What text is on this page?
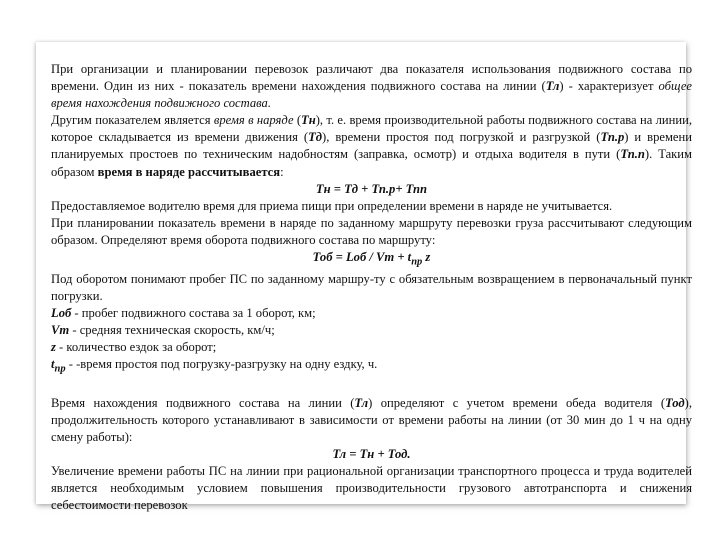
При организации и планировании перевозок различают два показателя использования подвижного состава по времени. Один из них - показатель времени нахождения подвижного состава на линии (Тл) - характеризует общее время нахождения подвижного состава.

Другим показателем является время в наряде (Тн), т. е. время производительной работы подвижного состава на линии, которое складывается из времени движения (Тд), времени простоя под погрузкой и разгрузкой (Тп.р) и времени планируемых простоев по техническим надобностям (заправка, осмотр) и отдыха водителя в пути (Тп.п). Таким образом время в наряде рассчитывается:

Тн = Тд + Тп.р+ Тпп

Предоставляемое водителю время для приема пищи при определении времени в наряде не учитывается.

При планировании показатель времени в наряде по заданному маршруту перевозки груза рассчитывают следующим образом. Определяют время оборота подвижного состава по маршруту:

Тоб = Lоб / Vт + $t_{пр}$ z

Под оборотом понимают пробег ПС по заданному маршру-ту с обязательным возвращением в первоначальный пункт погрузки.

Lоб - пробег подвижного состава за 1 оборот, км;

Vт - средняя техническая скорость, км/ч;

z - количество ездок за оборот;

$t_{пр}$ - -время простоя под погрузку-разгрузку на одну ездку, ч.

Время нахождения подвижного состава на линии (Тл) определяют с учетом времени обеда водителя (Тод), продолжительность которого устанавливают в зависимости от времени работы на линии (от 30 мин до 1 ч на одну смену работы):

Тл = Тн + Тод.

Увеличение времени работы ПС на линии при рациональной организации транспортного процесса и труда водителей является необходимым условием повышения производительности грузового автотранспорта и снижения себестоимости перевозок
